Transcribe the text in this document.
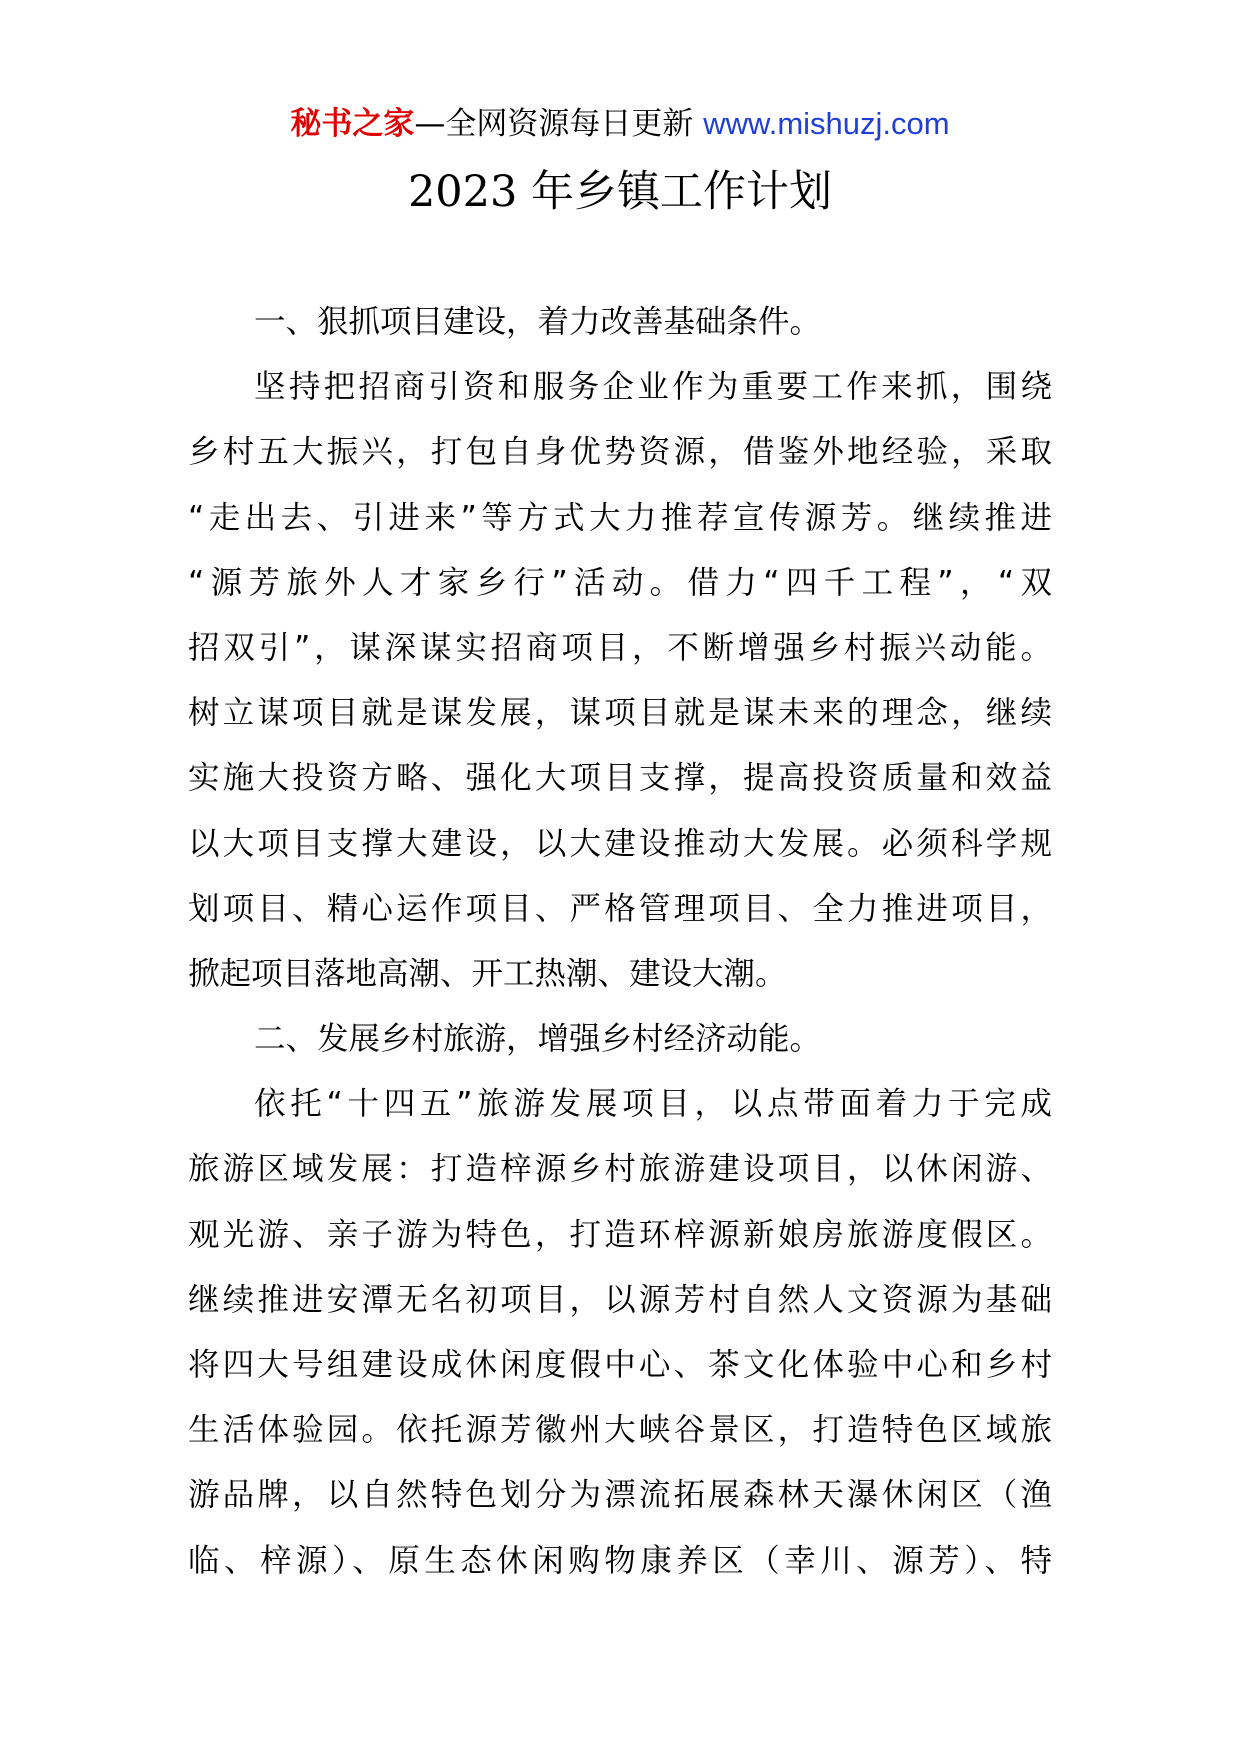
秘书之家—全网资源每日更新 www.mishuzj.com
2023 年乡镇工作计划
一、狠抓项目建设，着力改善基础条件。
坚持把招商引资和服务企业作为重要工作来抓，围绕
乡村五大振兴，打包自身优势资源，借鉴外地经验，采取
“走出去、引进来”等方式大力推荐宣传源芳。继续推进
“源芳旅外人才家乡行”活动。借力“四千工程”，“双
招双引”，谋深谋实招商项目，不断增强乡村振兴动能。
树立谋项目就是谋发展，谋项目就是谋未来的理念，继续
实施大投资方略、强化大项目支撑，提高投资质量和效益
以大项目支撑大建设，以大建设推动大发展。必须科学规
划项目、精心运作项目、严格管理项目、全力推进项目，
掀起项目落地高潮、开工热潮、建设大潮。
二、发展乡村旅游，增强乡村经济动能。
依托“十四五”旅游发展项目，以点带面着力于完成
旅游区域发展：打造梓源乡村旅游建设项目，以休闲游、
观光游、亲子游为特色，打造环梓源新娘房旅游度假区。
继续推进安潭无名初项目，以源芳村自然人文资源为基础
将四大号组建设成休闲度假中心、茶文化体验中心和乡村
生活体验园。依托源芳徽州大峡谷景区，打造特色区域旅
游品牌，以自然特色划分为漂流拓展森林天瀑休闲区（渔
临、梓源）、原生态休闲购物康养区（幸川、源芳）、特
